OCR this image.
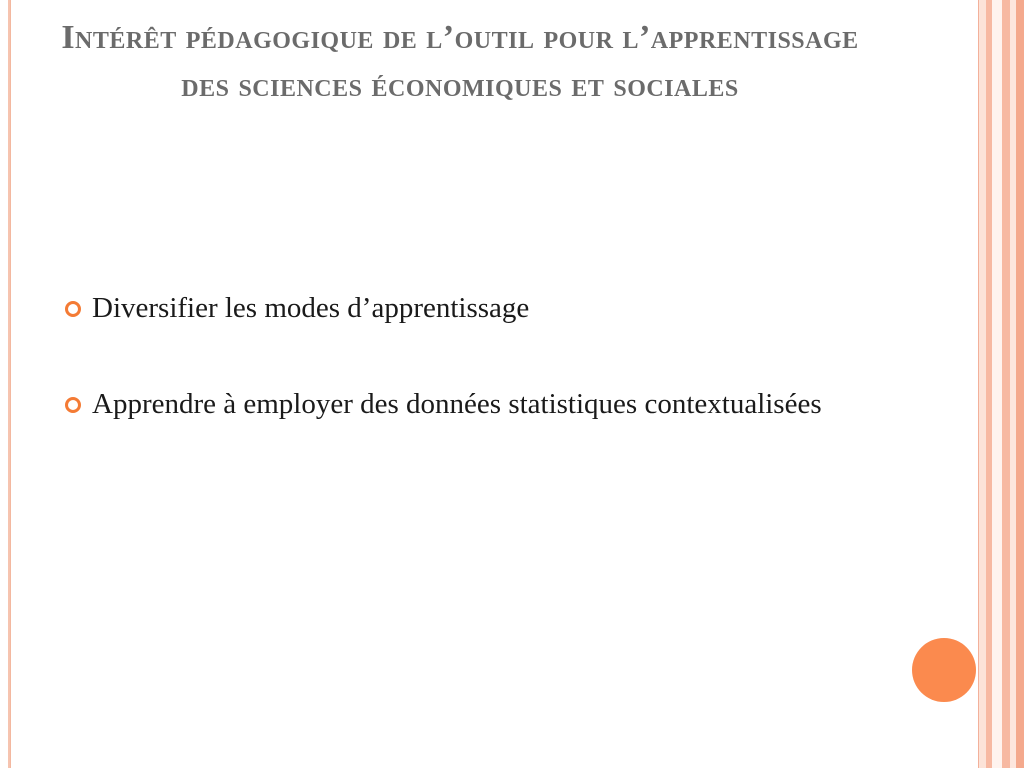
Intérêt pédagogique de l’outil pour l’apprentissage des sciences économiques et sociales
Diversifier les modes d’apprentissage
Apprendre à employer des données statistiques contextualisées
